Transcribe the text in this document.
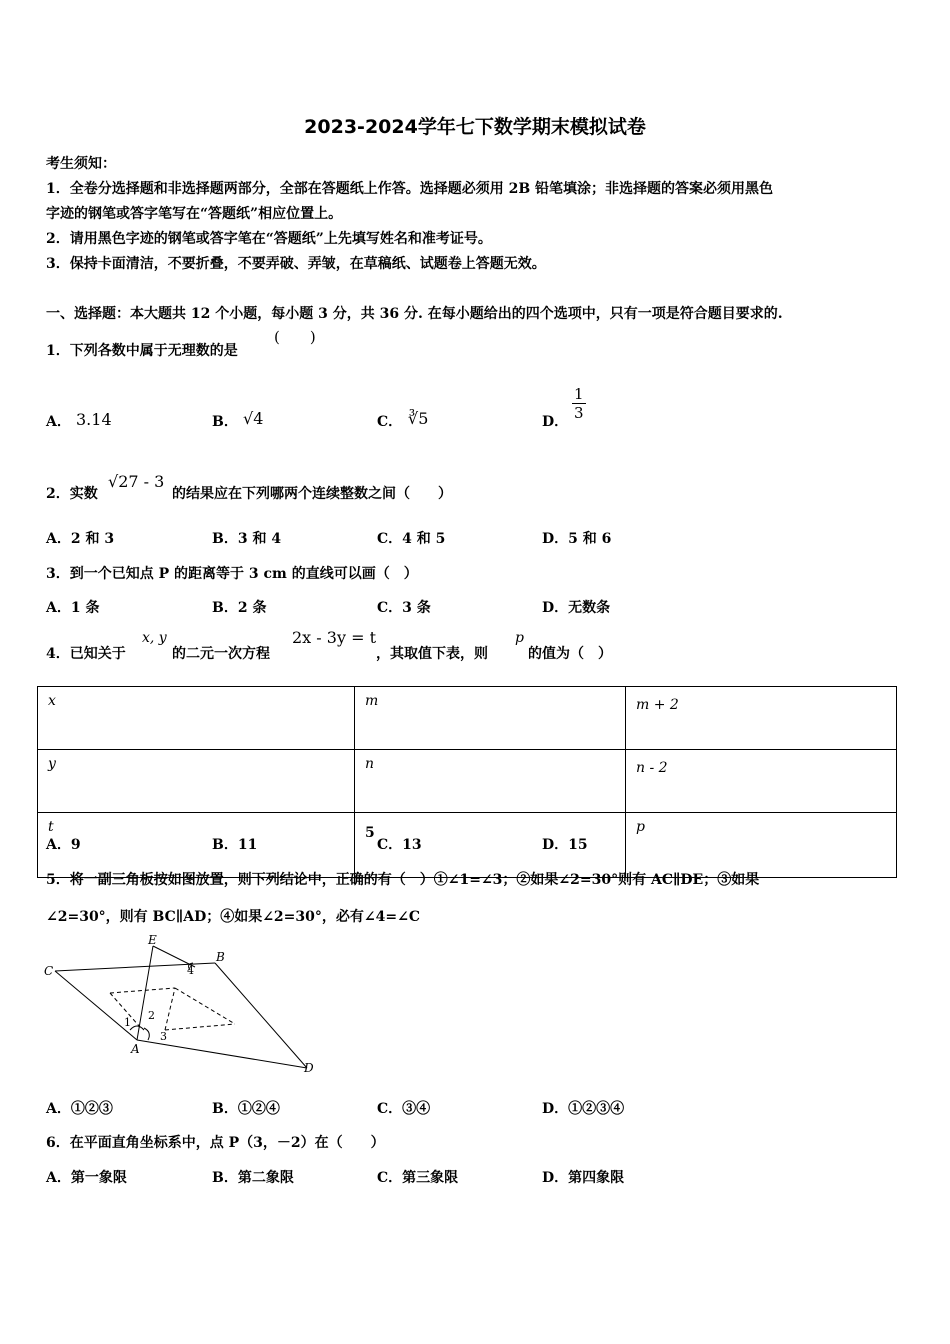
2023-2024学年七下数学期末模拟试卷
考生须知：
1．全卷分选择题和非选择题两部分，全部在答题纸上作答。选择题必须用 2B 铅笔填涂；非选择题的答案必须用黑色
字迹的钢笔或答字笔写在“答题纸”相应位置上。
2．请用黑色字迹的钢笔或答字笔在“答题纸”上先填写姓名和准考证号。
3．保持卡面清洁，不要折叠，不要弄破、弄皱，在草稿纸、试题卷上答题无效。
一、选择题：本大题共 12 个小题，每小题 3 分，共 36 分. 在每小题给出的四个选项中，只有一项是符合题目要求的.
1．下列各数中属于无理数的是
(　　)
A． 3.14	B． √4	C． ∛5	D． $\frac{1}{3}$
2．实数
√27 - 3
的结果应在下列哪两个连续整数之间（　　）
A．2 和 3	B．3 和 4	C．4 和 5	D．5 和 6
3．到一个已知点 P 的距离等于 3 cm 的直线可以画（　）
A．1 条	B．2 条	C．3 条	D．无数条
4．已知关于
x, y
的二元一次方程
2x - 3y = t
，其取值下表，则
p
的值为（　）
x	m	m + 2
y	n	n - 2
t	5	p
A．9	B．11	C．13	D．15
5．将一副三角板按如图放置，则下列结论中，正确的有（　）①∠1=∠3；②如果∠2=30°则有 AC∥DE；③如果
∠2=30°，则有 BC∥AD；④如果∠2=30°，必有∠4=∠C
E
B
C
A
D
1
2
3
4
A．①②③	B．①②④	C．③④	D．①②③④
6．在平面直角坐标系中，点 P（3，－2）在（　　）
A．第一象限	B．第二象限	C．第三象限	D．第四象限
